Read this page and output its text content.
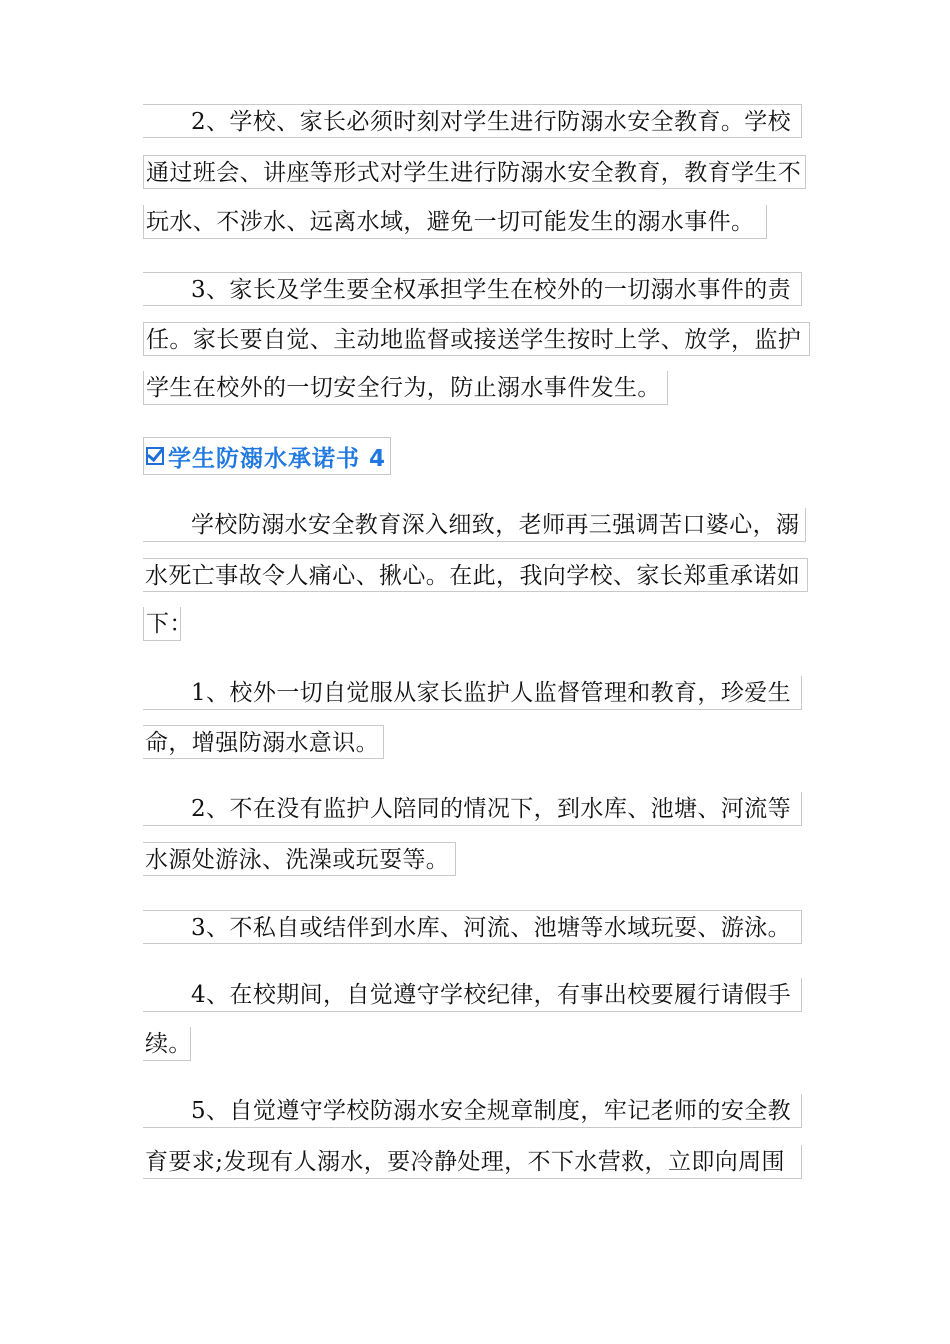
2、学校、家长必须时刻对学生进行防溺水安全教育。学校
通过班会、讲座等形式对学生进行防溺水安全教育，教育学生不
玩水、不涉水、远离水域，避免一切可能发生的溺水事件。
3、家长及学生要全权承担学生在校外的一切溺水事件的责
任。家长要自觉、主动地监督或接送学生按时上学、放学，监护
学生在校外的一切安全行为，防止溺水事件发生。
学生防溺水承诺书 4
学校防溺水安全教育深入细致，老师再三强调苦口婆心，溺
水死亡事故令人痛心、揪心。在此，我向学校、家长郑重承诺如
下：
1、校外一切自觉服从家长监护人监督管理和教育，珍爱生
命，增强防溺水意识。
2、不在没有监护人陪同的情况下，到水库、池塘、河流等
水源处游泳、洗澡或玩耍等。
3、不私自或结伴到水库、河流、池塘等水域玩耍、游泳。
4、在校期间，自觉遵守学校纪律，有事出校要履行请假手
续。
5、自觉遵守学校防溺水安全规章制度，牢记老师的安全教
育要求;发现有人溺水，要冷静处理，不下水营救，立即向周围
